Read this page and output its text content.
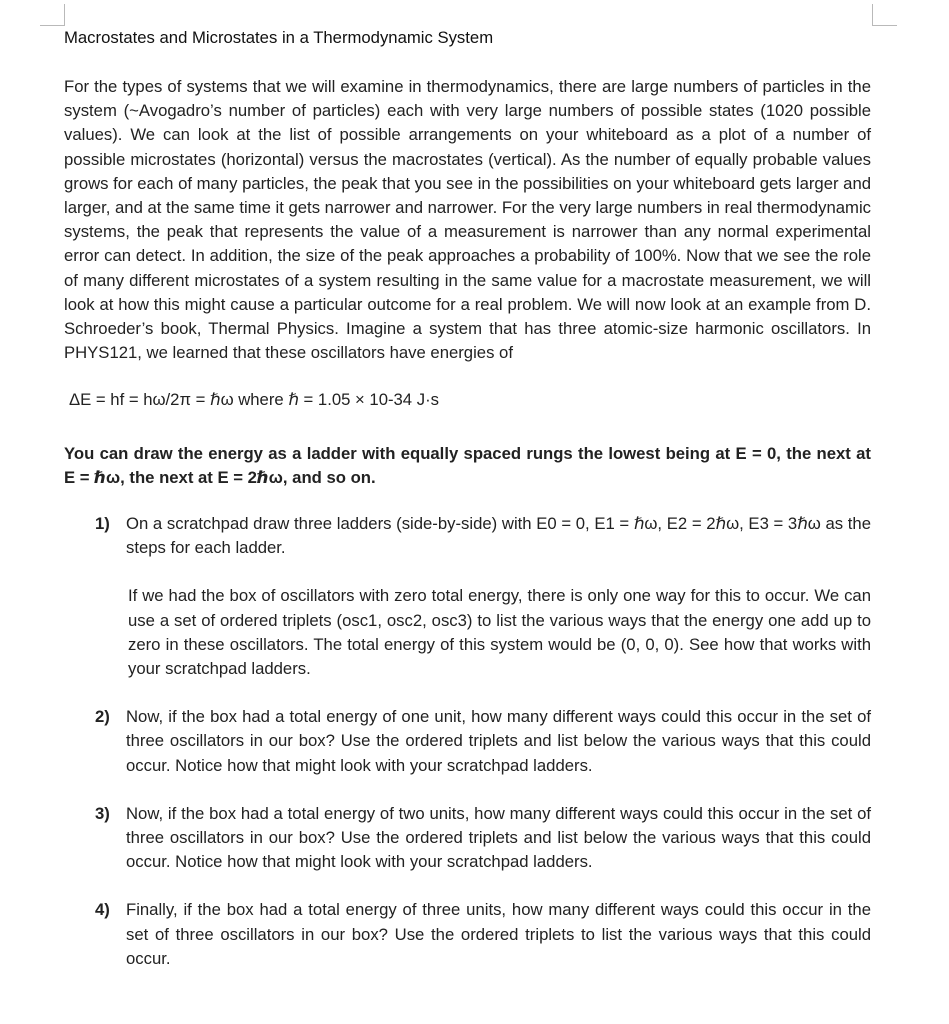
Macrostates and Microstates in a Thermodynamic System

For the types of systems that we will examine in thermodynamics, there are large numbers of particles in the system (~Avogadro’s number of particles) each with very large numbers of possible states (1020 possible values). We can look at the list of possible arrangements on your whiteboard as a plot of a number of possible microstates (horizontal) versus the macrostates (vertical). As the number of equally probable values grows for each of many particles, the peak that you see in the possibilities on your whiteboard gets larger and larger, and at the same time it gets narrower and narrower. For the very large numbers in real thermodynamic systems, the peak that represents the value of a measurement is narrower than any normal experimental error can detect. In addition, the size of the peak approaches a probability of 100%. Now that we see the role of many different microstates of a system resulting in the same value for a macrostate measurement, we will look at how this might cause a particular outcome for a real problem. We will now look at an example from D. Schroeder’s book, Thermal Physics. Imagine a system that has three atomic-size harmonic oscillators. In PHYS121, we learned that these oscillators have energies of

ΔE = hf = hω/2π = ℏω where ℏ = 1.05 × 10-34 J·s

You can draw the energy as a ladder with equally spaced rungs the lowest being at E = 0, the next at E = ℏω, the next at E = 2ℏω, and so on.

1) On a scratchpad draw three ladders (side-by-side) with E0 = 0, E1 = ℏω, E2 = 2ℏω, E3 = 3ℏω as the steps for each ladder.

If we had the box of oscillators with zero total energy, there is only one way for this to occur. We can use a set of ordered triplets (osc1, osc2, osc3) to list the various ways that the energy one add up to zero in these oscillators. The total energy of this system would be (0, 0, 0). See how that works with your scratchpad ladders.

2) Now, if the box had a total energy of one unit, how many different ways could this occur in the set of three oscillators in our box? Use the ordered triplets and list below the various ways that this could occur. Notice how that might look with your scratchpad ladders.

3) Now, if the box had a total energy of two units, how many different ways could this occur in the set of three oscillators in our box? Use the ordered triplets and list below the various ways that this could occur. Notice how that might look with your scratchpad ladders.

4) Finally, if the box had a total energy of three units, how many different ways could this occur in the set of three oscillators in our box? Use the ordered triplets to list the various ways that this could occur.
